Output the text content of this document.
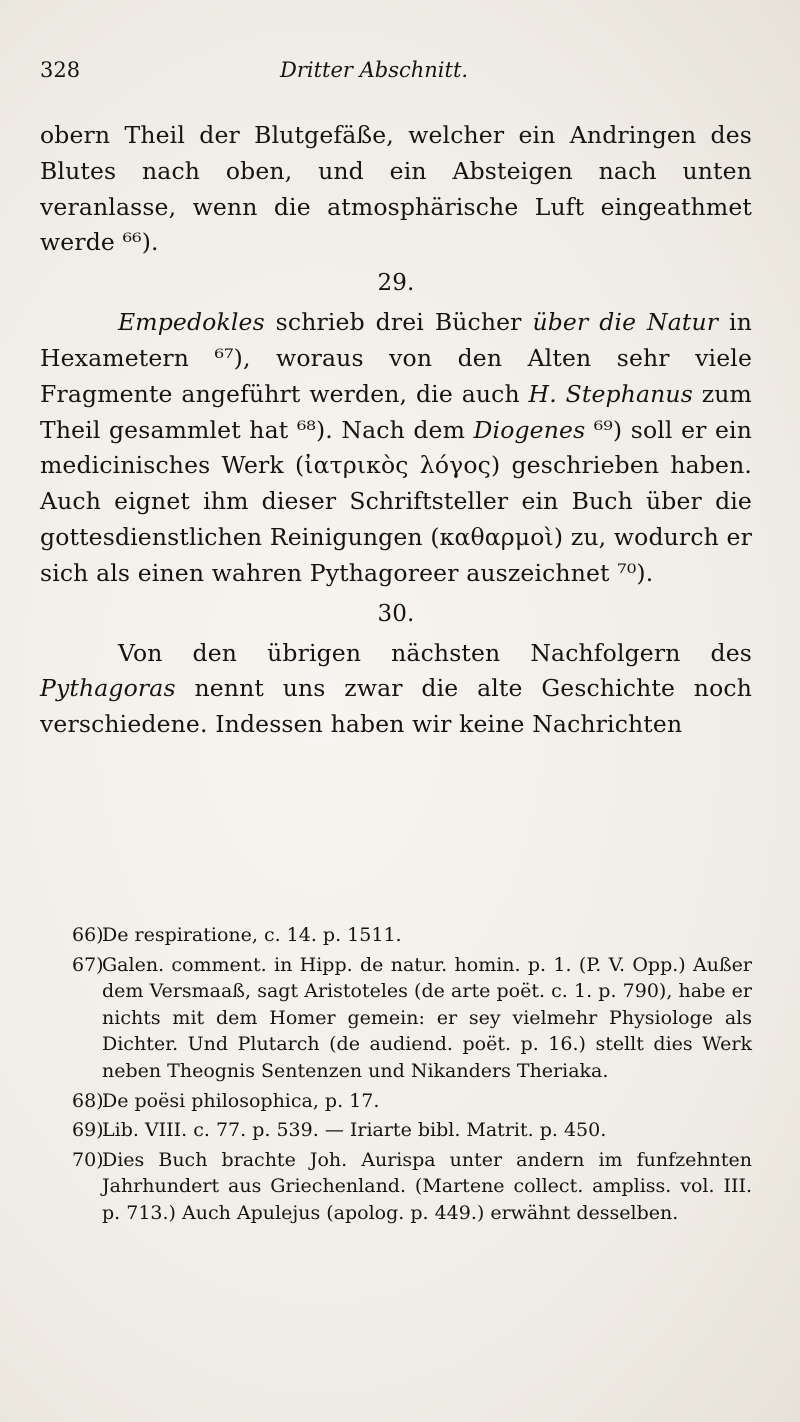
328	Dritter Abschnitt.

obern Theil der Blutgefäße, welcher ein Andringen des Blutes nach oben, und ein Absteigen nach unten veranlasse, wenn die atmosphärische Luft eingeathmet werde ⁶⁶).

29.

Empedokles schrieb drei Bücher über die Natur in Hexametern ⁶⁷), woraus von den Alten sehr viele Fragmente angeführt werden, die auch H. Stephanus zum Theil gesammlet hat ⁶⁸). Nach dem Diogenes ⁶⁹) soll er ein medicinisches Werk (ἰατρικὸς λόγος) geschrieben haben. Auch eignet ihm dieser Schriftsteller ein Buch über die gottesdienstlichen Reinigungen (καθαρμοὶ) zu, wodurch er sich als einen wahren Pythagoreer auszeichnet ⁷⁰).

30.

Von den übrigen nächsten Nachfolgern des Pythagoras nennt uns zwar die alte Geschichte noch verschiedene. Indessen haben wir keine Nachrichten

66)
De respiratione, c. 14. p. 1511.
67)
Galen. comment. in Hipp. de natur. homin. p. 1. (P. V. Opp.) Außer dem Versmaaß, sagt Aristoteles (de arte poët. c. 1. p. 790), habe er nichts mit dem Homer gemein: er sey vielmehr Physiologe als Dichter. Und Plutarch (de audiend. poët. p. 16.) stellt dies Werk neben Theognis Sentenzen und Nikanders Theriaka.
68)
De poësi philosophica, p. 17.
69)
Lib. VIII. c. 77. p. 539. — Iriarte bibl. Matrit. p. 450.
70)
Dies Buch brachte Joh. Aurispa unter andern im funfzehnten Jahrhundert aus Griechenland. (Martene collect. ampliss. vol. III. p. 713.) Auch Apulejus (apolog. p. 449.) erwähnt desselben.
